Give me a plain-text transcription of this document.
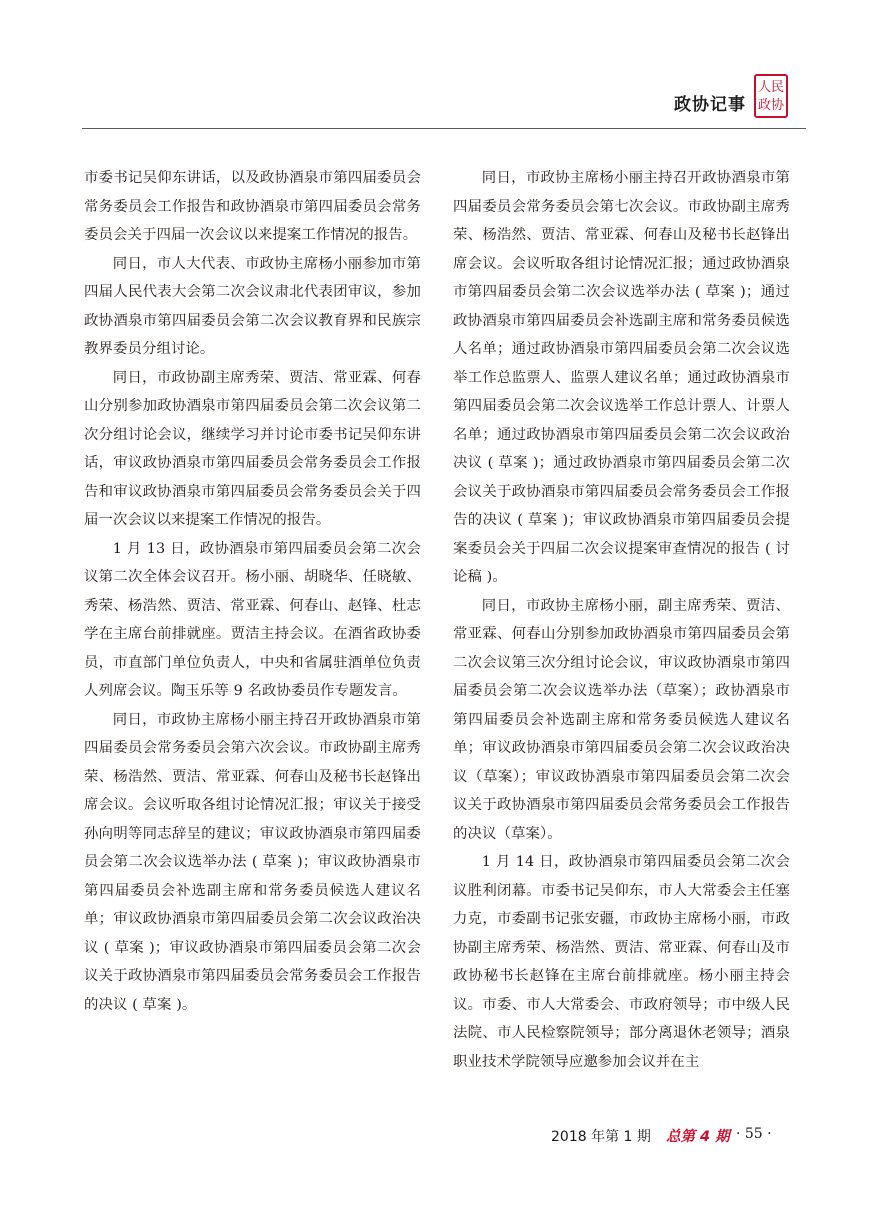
政协记事
人 民
政 协

市委书记吴仰东讲话，以及政协酒泉市第四届委员会常务委员会工作报告和政协酒泉市第四届委员会常务委员会关于四届一次会议以来提案工作情况的报告。

同日，市人大代表、市政协主席杨小丽参加市第四届人民代表大会第二次会议肃北代表团审议，参加政协酒泉市第四届委员会第二次会议教育界和民族宗教界委员分组讨论。

同日，市政协副主席秀荣、贾洁、常亚霖、何春山分别参加政协酒泉市第四届委员会第二次会议第二次分组讨论会议，继续学习并讨论市委书记吴仰东讲话，审议政协酒泉市第四届委员会常务委员会工作报告和审议政协酒泉市第四届委员会常务委员会关于四届一次会议以来提案工作情况的报告。

1 月 13 日，政协酒泉市第四届委员会第二次会议第二次全体会议召开。杨小丽、胡晓华、任晓敏、秀荣、杨浩然、贾洁、常亚霖、何春山、赵锋、杜志学在主席台前排就座。贾洁主持会议。在酒省政协委员，市直部门单位负责人，中央和省属驻酒单位负责人列席会议。陶玉乐等 9 名政协委员作专题发言。

同日，市政协主席杨小丽主持召开政协酒泉市第四届委员会常务委员会第六次会议。市政协副主席秀荣、杨浩然、贾洁、常亚霖、何春山及秘书长赵锋出席会议。会议听取各组讨论情况汇报；审议关于接受孙向明等同志辞呈的建议；审议政协酒泉市第四届委员会第二次会议选举办法 ( 草案 )；审议政协酒泉市第四届委员会补选副主席和常务委员候选人建议名单；审议政协酒泉市第四届委员会第二次会议政治决议 ( 草案 )；审议政协酒泉市第四届委员会第二次会议关于政协酒泉市第四届委员会常务委员会工作报告的决议 ( 草案 )。

同日，市政协主席杨小丽主持召开政协酒泉市第四届委员会常务委员会第七次会议。市政协副主席秀荣、杨浩然、贾洁、常亚霖、何春山及秘书长赵锋出席会议。会议听取各组讨论情况汇报；通过政协酒泉市第四届委员会第二次会议选举办法 ( 草案 )；通过政协酒泉市第四届委员会补选副主席和常务委员候选人名单；通过政协酒泉市第四届委员会第二次会议选举工作总监票人、监票人建议名单；通过政协酒泉市第四届委员会第二次会议选举工作总计票人、计票人名单；通过政协酒泉市第四届委员会第二次会议政治决议 ( 草案 )；通过政协酒泉市第四届委员会第二次会议关于政协酒泉市第四届委员会常务委员会工作报告的决议 ( 草案 )；审议政协酒泉市第四届委员会提案委员会关于四届二次会议提案审查情况的报告 ( 讨论稿 )。

同日，市政协主席杨小丽，副主席秀荣、贾洁、常亚霖、何春山分别参加政协酒泉市第四届委员会第二次会议第三次分组讨论会议，审议政协酒泉市第四届委员会第二次会议选举办法（草案）；政协酒泉市第四届委员会补选副主席和常务委员候选人建议名单；审议政协酒泉市第四届委员会第二次会议政治决议（草案）；审议政协酒泉市第四届委员会第二次会议关于政协酒泉市第四届委员会常务委员会工作报告的决议（草案）。

1 月 14 日，政协酒泉市第四届委员会第二次会议胜利闭幕。市委书记吴仰东，市人大常委会主任塞力克，市委副书记张安疆，市政协主席杨小丽，市政协副主席秀荣、杨浩然、贾洁、常亚霖、何春山及市政协秘书长赵锋在主席台前排就座。杨小丽主持会议。市委、市人大常委会、市政府领导；市中级人民法院、市人民检察院领导；部分离退休老领导；酒泉职业技术学院领导应邀参加会议并在主

2018 年第 1 期 总第 4 期 · 55 ·
